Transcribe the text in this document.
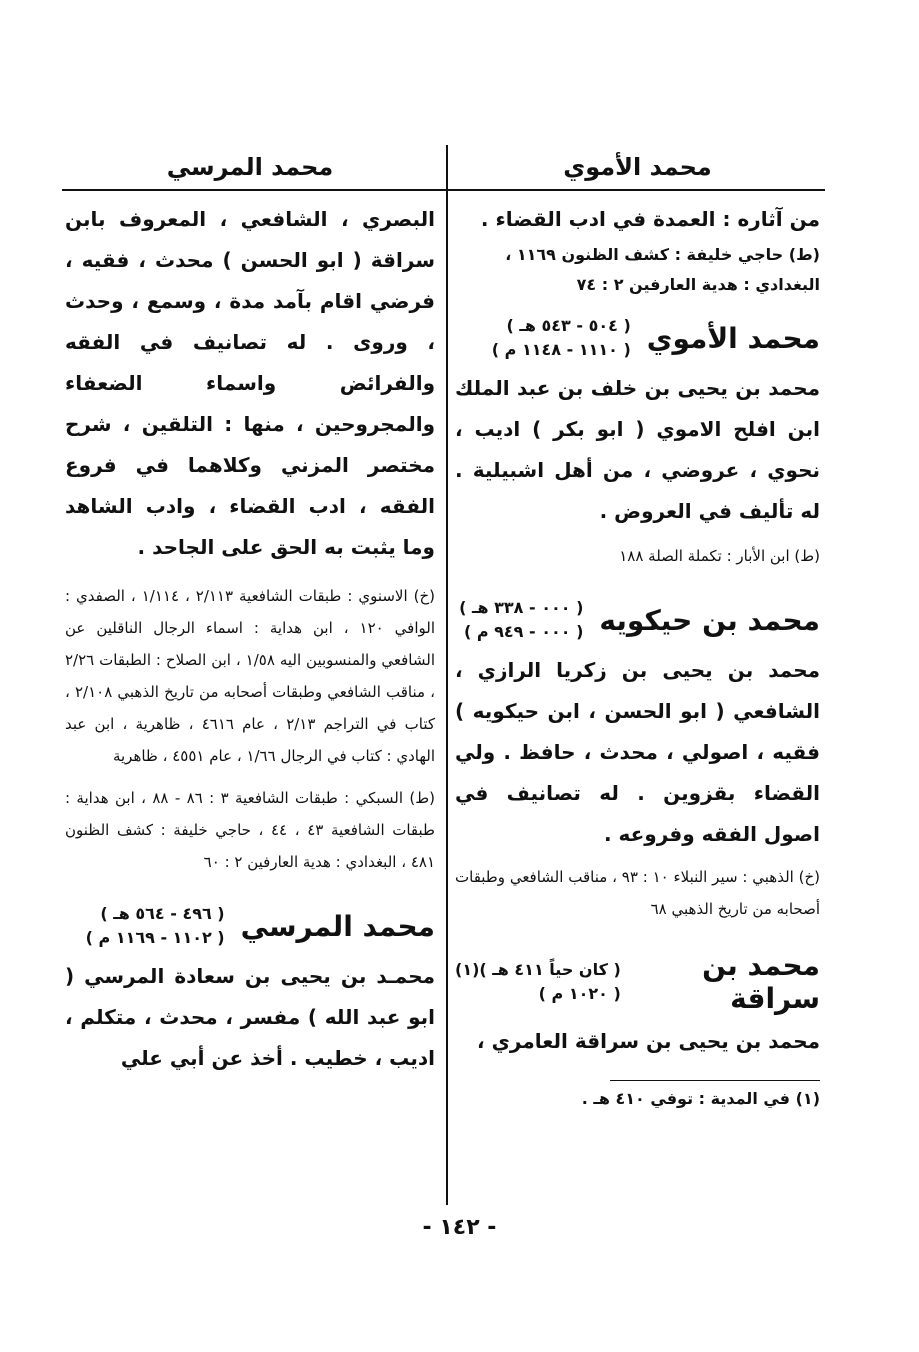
محمد الأموي
من آثاره : العمدة في ادب القضاء .
(ط) حاجي خليفة : كشف الظنون ١١٦٩ ، البغدادي : هدية العارفين ٢ : ٧٤
محمد الأموي
( ٥٠٤ - ٥٤٣ هـ )
( ١١١٠ - ١١٤٨ م )
محمد بن يحيى بن خلف بن عبد الملك ابن افلح الاموي ( ابو بكر ) اديب ، نحوي ، عروضي ، من أهل اشبيلية . له تأليف في العروض .
(ط) ابن الأبار : تكملة الصلة ١٨٨
محمد بن حيكويه
( ٠٠٠ - ٣٣٨ هـ )
( ٠٠٠ - ٩٤٩ م )
محمد بن يحيى بن زكريا الرازي ، الشافعي ( ابو الحسن ، ابن حيكويه ) فقيه ، اصولي ، محدث ، حافظ . ولي القضاء بقزوين . له تصانيف في اصول الفقه وفروعه .
(خ) الذهبي : سير النبلاء ١٠ : ٩٣ ، مناقب الشافعي وطبقات أصحابه من تاريخ الذهبي ٦٨
محمد بن سراقة
( كان حياً ٤١١ هـ )(١)
( ١٠٢٠ م )
محمد بن يحيى بن سراقة العامري ،
(١) في المدية : توفي ٤١٠ هـ .
محمد المرسي
البصري ، الشافعي ، المعروف بابن سراقة ( ابو الحسن ) محدث ، فقيه ، فرضي اقام بآمد مدة ، وسمع ، وحدث ، وروى . له تصانيف في الفقه والفرائض واسماء الضعفاء والمجروحين ، منها : التلقين ، شرح مختصر المزني وكلاهما في فروع الفقه ، ادب القضاء ، وادب الشاهد وما يثبت به الحق على الجاحد .
(خ) الاسنوي : طبقات الشافعية ٢/١١٣ ، ١/١١٤ ، الصفدي : الوافي ١٢٠ ، ابن هداية : اسماء الرجال الناقلين عن الشافعي والمنسوبين اليه ١/٥٨ ، ابن الصلاح : الطبقات ٢/٢٦ ، مناقب الشافعي وطبقات أصحابه من تاريخ الذهبي ٢/١٠٨ ، كتاب في التراجم ٢/١٣ ، عام ٤٦١٦ ، ظاهرية ، ابن عبد الهادي : كتاب في الرجال ١/٦٦ ، عام ٤٥٥١ ، ظاهرية
(ط) السبكي : طبقات الشافعية ٣ : ٨٦ - ٨٨ ، ابن هداية : طبقات الشافعية ٤٣ ، ٤٤ ، حاجي خليفة : كشف الظنون ٤٨١ ، البغدادي : هدية العارفين ٢ : ٦٠
محمد المرسي
( ٤٩٦ - ٥٦٤ هـ )
( ١١٠٢ - ١١٦٩ م )
محمـد بن يحيى بن سعادة المرسي ( ابو عبد الله ) مفسر ، محدث ، متكلم ، اديب ، خطيب . أخذ عن أبي علي
- ١٤٢ -
